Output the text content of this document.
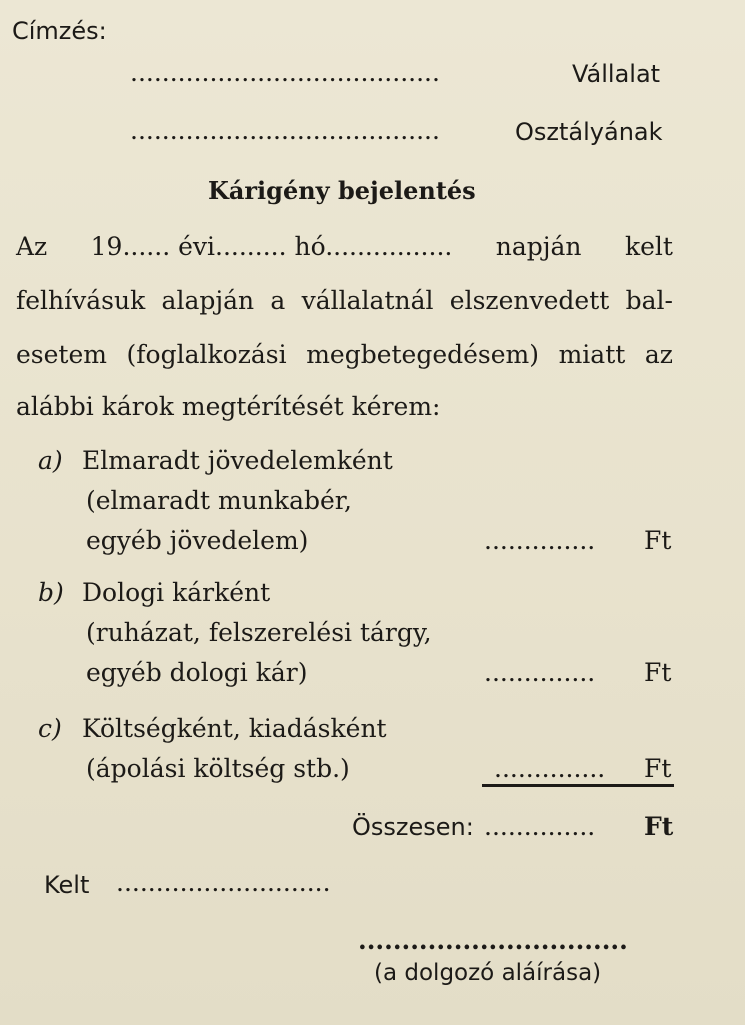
Címzés:
.......................................	Vállalat
.......................................	Osztályának
Kárigény bejelentés
Az 19...... évi......... hó................ napján kelt
felhívásuk alapján a vállalatnál elszenvedett bal-
esetem (foglalkozási megbetegedésem) miatt az
alábbi károk megtérítését kérem:
a) Elmaradt jövedelemként
(elmaradt munkabér,
egyéb jövedelem)	.............. Ft
b) Dologi kárként
(ruházat, felszerelési tárgy,
egyéb dologi kár)	.............. Ft
c) Költségként, kiadásként
(ápolási költség stb.)	.............. Ft
Összesen: .............. Ft
Kelt ...........................
...............................
(a dolgozó aláírása)
